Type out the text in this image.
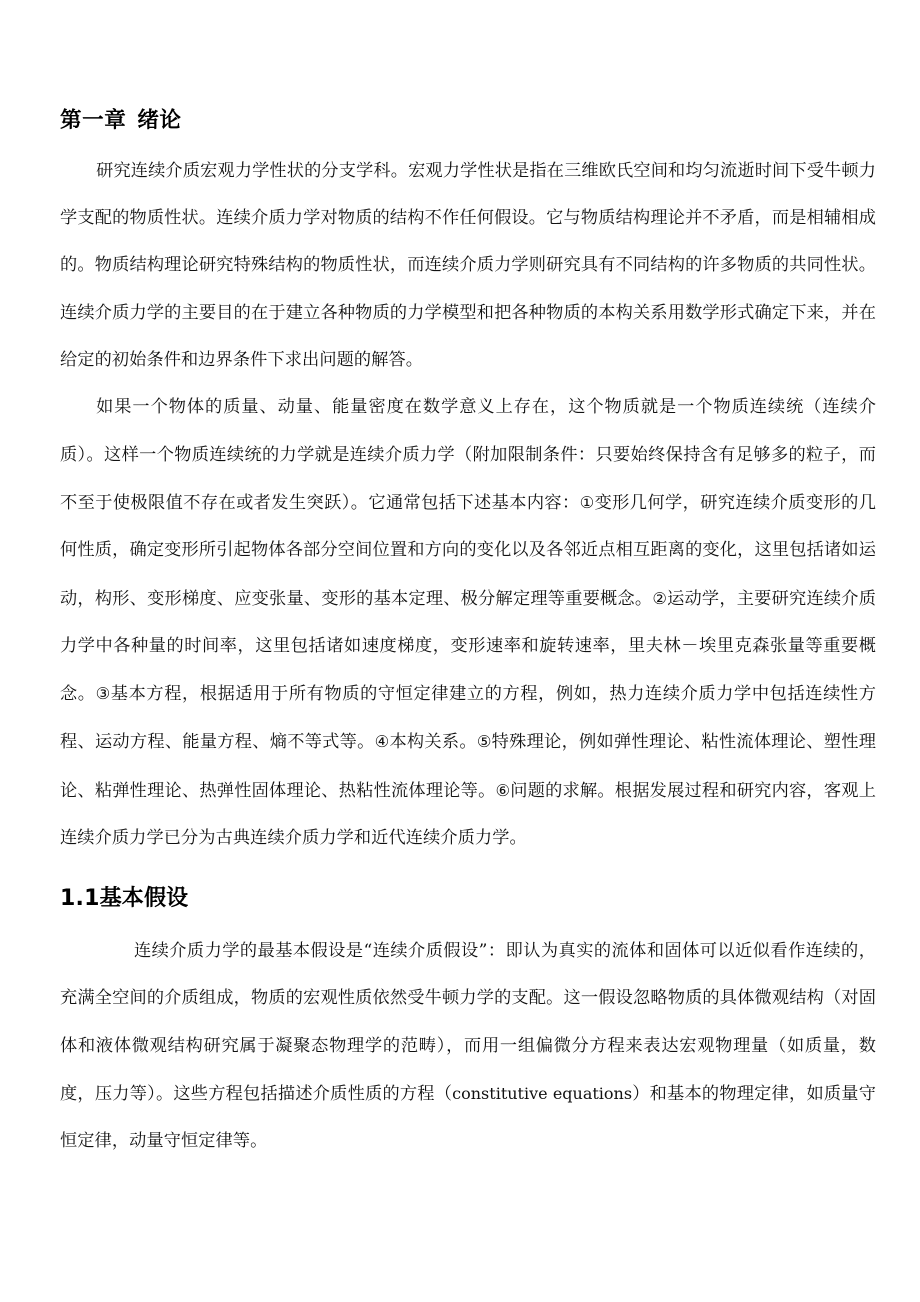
第一章 绪论

研究连续介质宏观力学性状的分支学科。宏观力学性状是指在三维欧氏空间和均匀流逝时间下受牛顿力学支配的物质性状。连续介质力学对物质的结构不作任何假设。它与物质结构理论并不矛盾，而是相辅相成的。物质结构理论研究特殊结构的物质性状，而连续介质力学则研究具有不同结构的许多物质的共同性状。连续介质力学的主要目的在于建立各种物质的力学模型和把各种物质的本构关系用数学形式确定下来，并在给定的初始条件和边界条件下求出问题的解答。

如果一个物体的质量、动量、能量密度在数学意义上存在，这个物质就是一个物质连续统（连续介质）。这样一个物质连续统的力学就是连续介质力学（附加限制条件：只要始终保持含有足够多的粒子，而不至于使极限值不存在或者发生突跃）。它通常包括下述基本内容：①变形几何学，研究连续介质变形的几何性质，确定变形所引起物体各部分空间位置和方向的变化以及各邻近点相互距离的变化，这里包括诸如运动，构形、变形梯度、应变张量、变形的基本定理、极分解定理等重要概念。②运动学，主要研究连续介质力学中各种量的时间率，这里包括诸如速度梯度，变形速率和旋转速率，里夫林－埃里克森张量等重要概念。③基本方程，根据适用于所有物质的守恒定律建立的方程，例如，热力连续介质力学中包括连续性方程、运动方程、能量方程、熵不等式等。④本构关系。⑤特殊理论，例如弹性理论、粘性流体理论、塑性理论、粘弹性理论、热弹性固体理论、热粘性流体理论等。⑥问题的求解。根据发展过程和研究内容，客观上连续介质力学已分为古典连续介质力学和近代连续介质力学。

1.1基本假设

连续介质力学的最基本假设是“连续介质假设”：即认为真实的流体和固体可以近似看作连续的，充满全空间的介质组成，物质的宏观性质依然受牛顿力学的支配。这一假设忽略物质的具体微观结构（对固体和液体微观结构研究属于凝聚态物理学的范畴），而用一组偏微分方程来表达宏观物理量（如质量，数度，压力等）。这些方程包括描述介质性质的方程（constitutive equations）和基本的物理定律，如质量守恒定律，动量守恒定律等。
